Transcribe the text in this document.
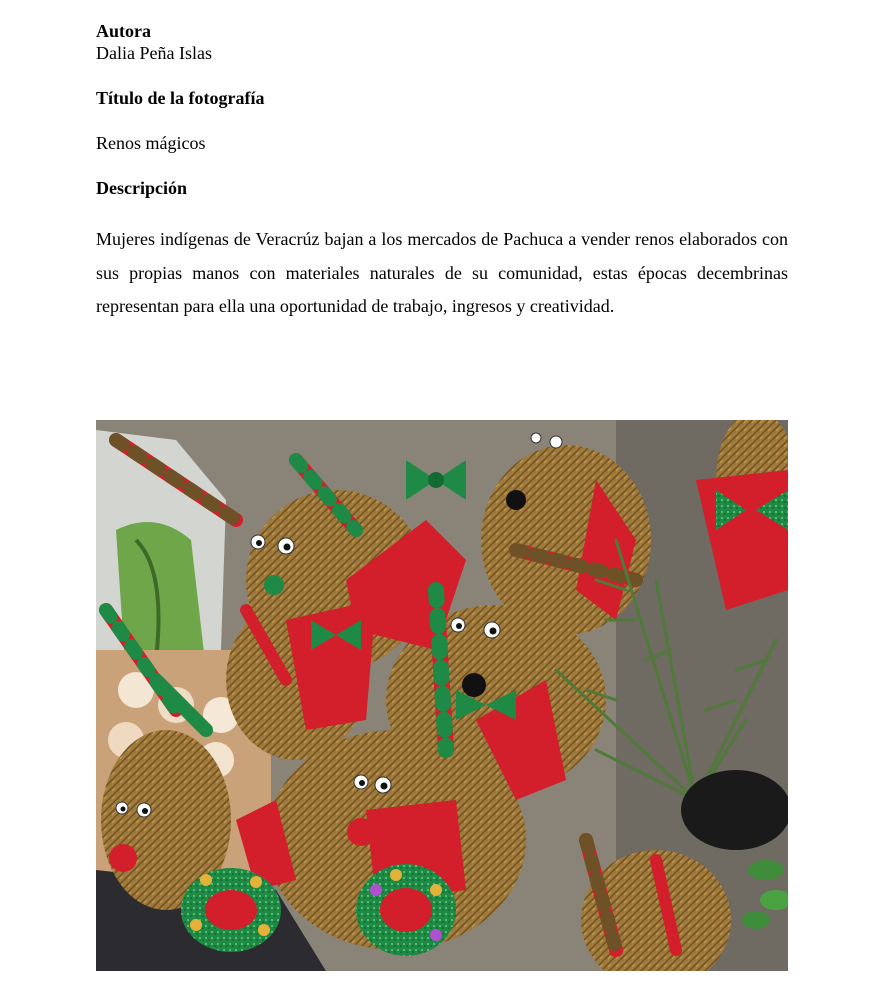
Autora

Dalia Peña Islas

Título de la fotografía

Renos mágicos

Descripción

Mujeres indígenas de Veracrúz bajan a los mercados de Pachuca a vender renos elaborados con sus propias manos con materiales naturales de su comunidad, estas épocas decembrinas representan para ella una oportunidad de trabajo, ingresos y creatividad.
